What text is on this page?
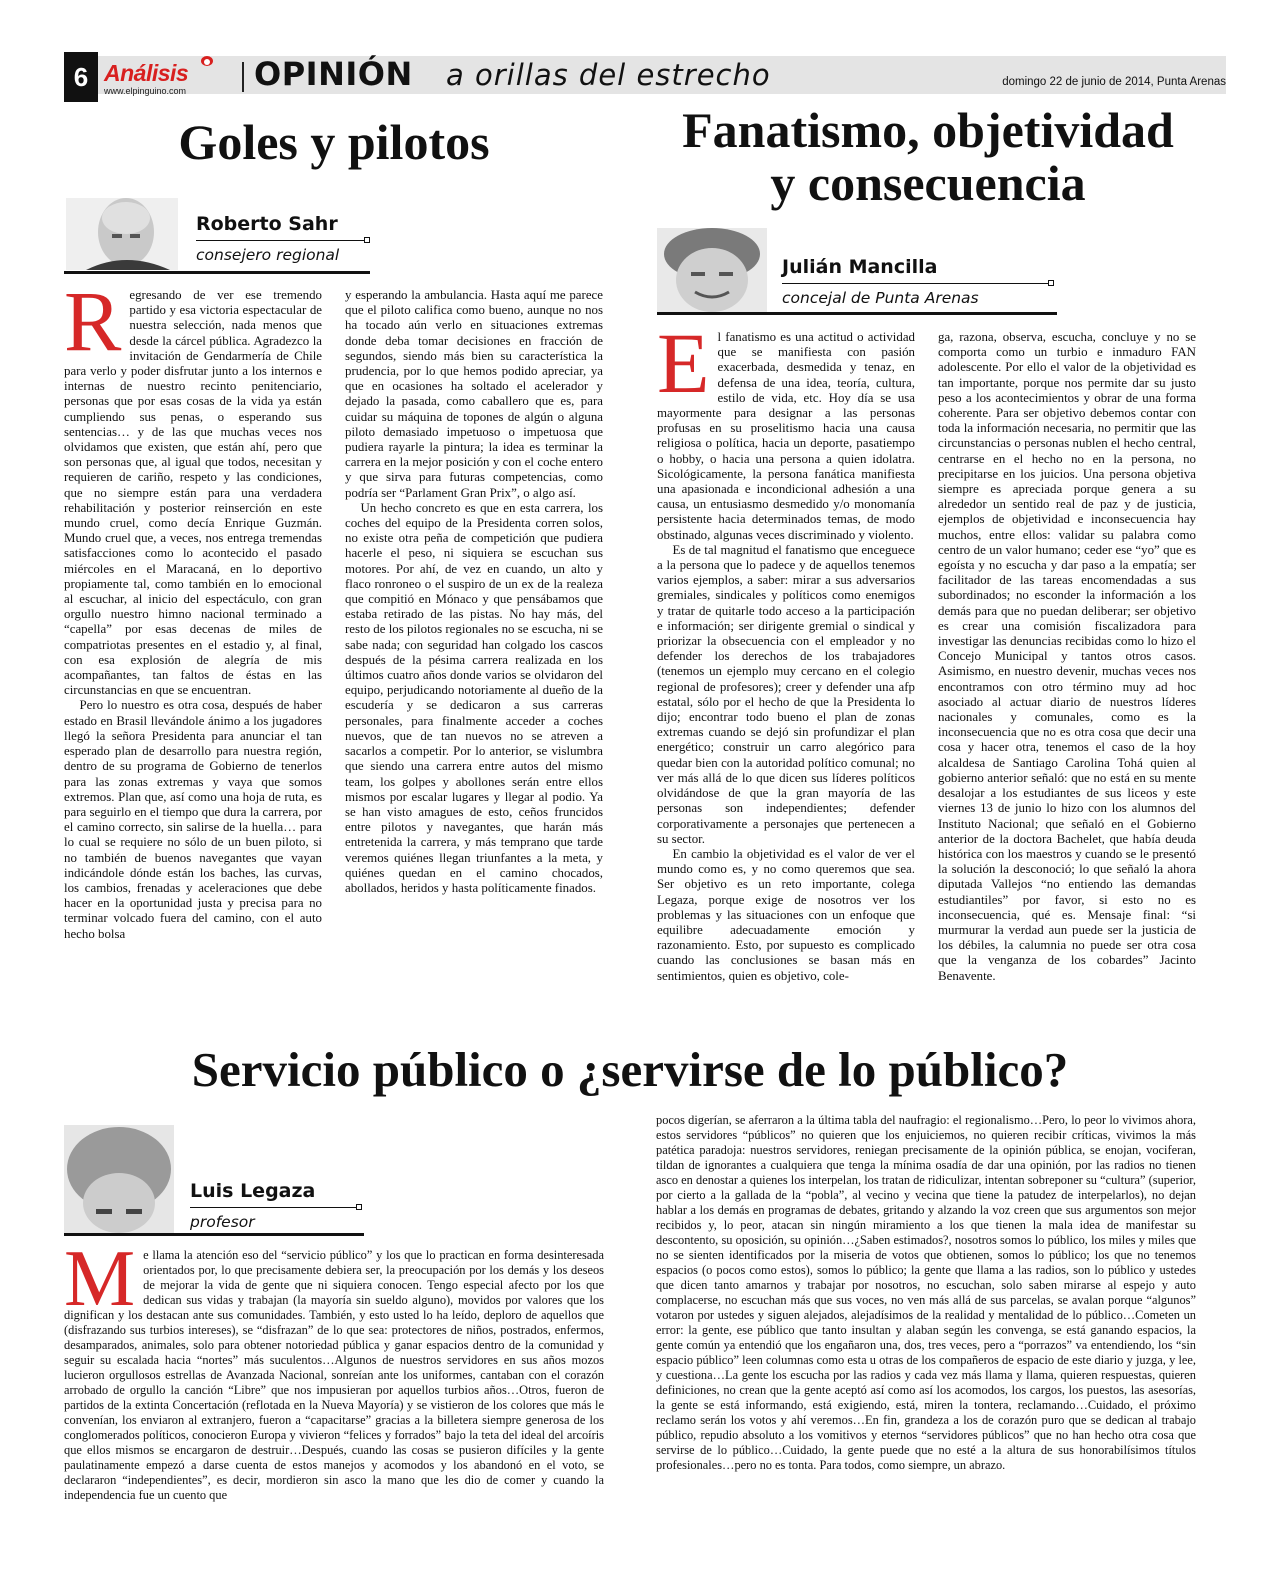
6 Análisis
www.elpinguino.com OPINIÓN a orillas del estrecho	domingo 22 de junio de 2014, Punta Arenas
Goles y pilotos
Roberto Sahr
consejero regional
R egresando de ver ese tremendo partido y esa victoria espectacular de nuestra selección, nada menos que desde la cárcel pública. Agradezco la invitación de Gendarmería de Chile para verlo y poder disfrutar junto a los internos e internas de nuestro recinto penitenciario, personas que por esas cosas de la vida ya están cumpliendo sus penas, o esperando sus sentencias… y de las que muchas veces nos olvidamos que existen, que están ahí, pero que son personas que, al igual que todos, necesitan y requieren de cariño, respeto y las condiciones, que no siempre están para una verdadera rehabilitación y posterior reinserción en este mundo cruel, como decía Enrique Guzmán. Mundo cruel que, a veces, nos entrega tremendas satisfacciones como lo acontecido el pasado miércoles en el Maracaná, en lo deportivo propiamente tal, como también en lo emocional al escuchar, al inicio del espectáculo, con gran orgullo nuestro himno nacional terminado a “capella” por esas decenas de miles de compatriotas presentes en el estadio y, al final, con esa explosión de alegría de mis acompañantes, tan faltos de éstas en las circunstancias en que se encuentran.

Pero lo nuestro es otra cosa, después de haber estado en Brasil llevándole ánimo a los jugadores llegó la señora Presidenta para anunciar el tan esperado plan de desarrollo para nuestra región, dentro de su programa de Gobierno de tenerlos para las zonas extremas y vaya que somos extremos. Plan que, así como una hoja de ruta, es para seguirlo en el tiempo que dura la carrera, por el camino correcto, sin salirse de la huella… para lo cual se requiere no sólo de un buen piloto, si no también de buenos navegantes que vayan indicándole dónde están los baches, las curvas, los cambios, frenadas y aceleraciones que debe hacer en la oportunidad justa y precisa para no terminar volcado fuera del camino, con el auto hecho bolsa

y esperando la ambulancia. Hasta aquí me parece que el piloto califica como bueno, aunque no nos ha tocado aún verlo en situaciones extremas donde deba tomar decisiones en fracción de segundos, siendo más bien su característica la prudencia, por lo que hemos podido apreciar, ya que en ocasiones ha soltado el acelerador y dejado la pasada, como caballero que es, para cuidar su máquina de topones de algún o alguna piloto demasiado impetuoso o impetuosa que pudiera rayarle la pintura; la idea es terminar la carrera en la mejor posición y con el coche entero y que sirva para futuras competencias, como podría ser “Parlament Gran Prix”, o algo así.

Un hecho concreto es que en esta carrera, los coches del equipo de la Presidenta corren solos, no existe otra peña de competición que pudiera hacerle el peso, ni siquiera se escuchan sus motores. Por ahí, de vez en cuando, un alto y flaco ronroneo o el suspiro de un ex de la realeza que compitió en Mónaco y que pensábamos que estaba retirado de las pistas. No hay más, del resto de los pilotos regionales no se escucha, ni se sabe nada; con seguridad han colgado los cascos después de la pésima carrera realizada en los últimos cuatro años donde varios se olvidaron del equipo, perjudicando notoriamente al dueño de la escudería y se dedicaron a sus carreras personales, para finalmente acceder a coches nuevos, que de tan nuevos no se atreven a sacarlos a competir. Por lo anterior, se vislumbra que siendo una carrera entre autos del mismo team, los golpes y abollones serán entre ellos mismos por escalar lugares y llegar al podio. Ya se han visto amagues de esto, ceños fruncidos entre pilotos y navegantes, que harán más entretenida la carrera, y más temprano que tarde veremos quiénes llegan triunfantes a la meta, y quiénes quedan en el camino chocados, abollados, heridos y hasta políticamente finados.

Fanatismo, objetividad
y consecuencia
Julián Mancilla
concejal de Punta Arenas
E l fanatismo es una actitud o actividad que se manifiesta con pasión exacerbada, desmedida y tenaz, en defensa de una idea, teoría, cultura, estilo de vida, etc. Hoy día se usa mayormente para designar a las personas profusas en su proselitismo hacia una causa religiosa o política, hacia un deporte, pasatiempo o hobby, o hacia una persona a quien idolatra. Sicológicamente, la persona fanática manifiesta una apasionada e incondicional adhesión a una causa, un entusiasmo desmedido y/o monomanía persistente hacia determinados temas, de modo obstinado, algunas veces discriminado y violento.

Es de tal magnitud el fanatismo que enceguece a la persona que lo padece y de aquellos tenemos varios ejemplos, a saber: mirar a sus adversarios gremiales, sindicales y políticos como enemigos y tratar de quitarle todo acceso a la participación e información; ser dirigente gremial o sindical y priorizar la obsecuencia con el empleador y no defender los derechos de los trabajadores (tenemos un ejemplo muy cercano en el colegio regional de profesores); creer y defender una afp estatal, sólo por el hecho de que la Presidenta lo dijo; encontrar todo bueno el plan de zonas extremas cuando se dejó sin profundizar el plan energético; construir un carro alegórico para quedar bien con la autoridad político comunal; no ver más allá de lo que dicen sus líderes políticos olvidándose de que la gran mayoría de las personas son independientes; defender corporativamente a personajes que pertenecen a su sector.

En cambio la objetividad es el valor de ver el mundo como es, y no como queremos que sea. Ser objetivo es un reto importante, colega Legaza, porque exige de nosotros ver los problemas y las situaciones con un enfoque que equilibre adecuadamente emoción y razonamiento. Esto, por supuesto es complicado cuando las conclusiones se basan más en sentimientos, quien es objetivo, cole-

ga, razona, observa, escucha, concluye y no se comporta como un turbio e inmaduro FAN adolescente. Por ello el valor de la objetividad es tan importante, porque nos permite dar su justo peso a los acontecimientos y obrar de una forma coherente. Para ser objetivo debemos contar con toda la información necesaria, no permitir que las circunstancias o personas nublen el hecho central, centrarse en el hecho no en la persona, no precipitarse en los juicios. Una persona objetiva siempre es apreciada porque genera a su alrededor un sentido real de paz y de justicia, ejemplos de objetividad e inconsecuencia hay muchos, entre ellos: validar su palabra como centro de un valor humano; ceder ese “yo” que es egoísta y no escucha y dar paso a la empatía; ser facilitador de las tareas encomendadas a sus subordinados; no esconder la información a los demás para que no puedan deliberar; ser objetivo es crear una comisión fiscalizadora para investigar las denuncias recibidas como lo hizo el Concejo Municipal y tantos otros casos. Asimismo, en nuestro devenir, muchas veces nos encontramos con otro término muy ad hoc asociado al actuar diario de nuestros líderes nacionales y comunales, como es la inconsecuencia que no es otra cosa que decir una cosa y hacer otra, tenemos el caso de la hoy alcaldesa de Santiago Carolina Tohá quien al gobierno anterior señaló: que no está en su mente desalojar a los estudiantes de sus liceos y este viernes 13 de junio lo hizo con los alumnos del Instituto Nacional; que señaló en el Gobierno anterior de la doctora Bachelet, que había deuda histórica con los maestros y cuando se le presentó la solución la desconoció; lo que señaló la ahora diputada Vallejos “no entiendo las demandas estudiantiles” por favor, si esto no es inconsecuencia, qué es. Mensaje final: “si murmurar la verdad aun puede ser la justicia de los débiles, la calumnia no puede ser otra cosa que la venganza de los cobardes” Jacinto Benavente.

Servicio público o ¿servirse de lo público?
Luis Legaza
profesor
M e llama la atención eso del “servicio público” y los que lo practican en forma desinteresada orientados por, lo que precisamente debiera ser, la preocupación por los demás y los deseos de mejorar la vida de gente que ni siquiera conocen. Tengo especial afecto por los que dedican sus vidas y trabajan (la mayoría sin sueldo alguno), movidos por valores que los dignifican y los destacan ante sus comunidades. También, y esto usted lo ha leído, deploro de aquellos que (disfrazando sus turbios intereses), se “disfrazan” de lo que sea: protectores de niños, postrados, enfermos, desamparados, animales, solo para obtener notoriedad pública y ganar espacios dentro de la comunidad y seguir su escalada hacia “nortes” más suculentos…Algunos de nuestros servidores en sus años mozos lucieron orgullosos estrellas de Avanzada Nacional, sonreían ante los uniformes, cantaban con el corazón arrobado de orgullo la canción “Libre” que nos impusieran por aquellos turbios años…Otros, fueron de partidos de la extinta Concertación (reflotada en la Nueva Mayoría) y se vistieron de los colores que más le convenían, los enviaron al extranjero, fueron a “capacitarse” gracias a la billetera siempre generosa de los conglomerados políticos, conocieron Europa y vivieron “felices y forrados” bajo la teta del ideal del arcoíris que ellos mismos se encargaron de destruir…Después, cuando las cosas se pusieron difíciles y la gente paulatinamente empezó a darse cuenta de estos manejos y acomodos y los abandonó en el voto, se declararon “independientes”, es decir, mordieron sin asco la mano que les dio de comer y cuando la independencia fue un cuento que

pocos digerían, se aferraron a la última tabla del naufragio: el regionalismo…Pero, lo peor lo vivimos ahora, estos servidores “públicos” no quieren que los enjuiciemos, no quieren recibir críticas, vivimos la más patética paradoja: nuestros servidores, reniegan precisamente de la opinión pública, se enojan, vociferan, tildan de ignorantes a cualquiera que tenga la mínima osadía de dar una opinión, por las radios no tienen asco en denostar a quienes los interpelan, los tratan de ridiculizar, intentan sobreponer su “cultura” (superior, por cierto a la gallada de la “pobla”, al vecino y vecina que tiene la patudez de interpelarlos), no dejan hablar a los demás en programas de debates, gritando y alzando la voz creen que sus argumentos son mejor recibidos y, lo peor, atacan sin ningún miramiento a los que tienen la mala idea de manifestar su descontento, su oposición, su opinión…¿Saben estimados?, nosotros somos lo público, los miles y miles que no se sienten identificados por la miseria de votos que obtienen, somos lo público; los que no tenemos espacios (o pocos como estos), somos lo público; la gente que llama a las radios, son lo público y ustedes que dicen tanto amarnos y trabajar por nosotros, no escuchan, solo saben mirarse al espejo y auto complacerse, no escuchan más que sus voces, no ven más allá de sus parcelas, se avalan porque “algunos” votaron por ustedes y siguen alejados, alejadísimos de la realidad y mentalidad de lo público…Cometen un error: la gente, ese público que tanto insultan y alaban según les convenga, se está ganando espacios, la gente común ya entendió que los engañaron una, dos, tres veces, pero a “porrazos” va entendiendo, los “sin espacio público” leen columnas como esta u otras de los compañeros de espacio de este diario y juzga, y lee, y cuestiona…La gente los escucha por las radios y cada vez más llama y llama, quieren respuestas, quieren definiciones, no crean que la gente aceptó así como así los acomodos, los cargos, los puestos, las asesorías, la gente se está informando, está exigiendo, está, miren la tontera, reclamando…Cuidado, el próximo reclamo serán los votos y ahí veremos…En fin, grandeza a los de corazón puro que se dedican al trabajo público, repudio absoluto a los vomitivos y eternos “servidores públicos” que no han hecho otra cosa que servirse de lo público…Cuidado, la gente puede que no esté a la altura de sus honorabilísimos títulos profesionales…pero no es tonta. Para todos, como siempre, un abrazo.
